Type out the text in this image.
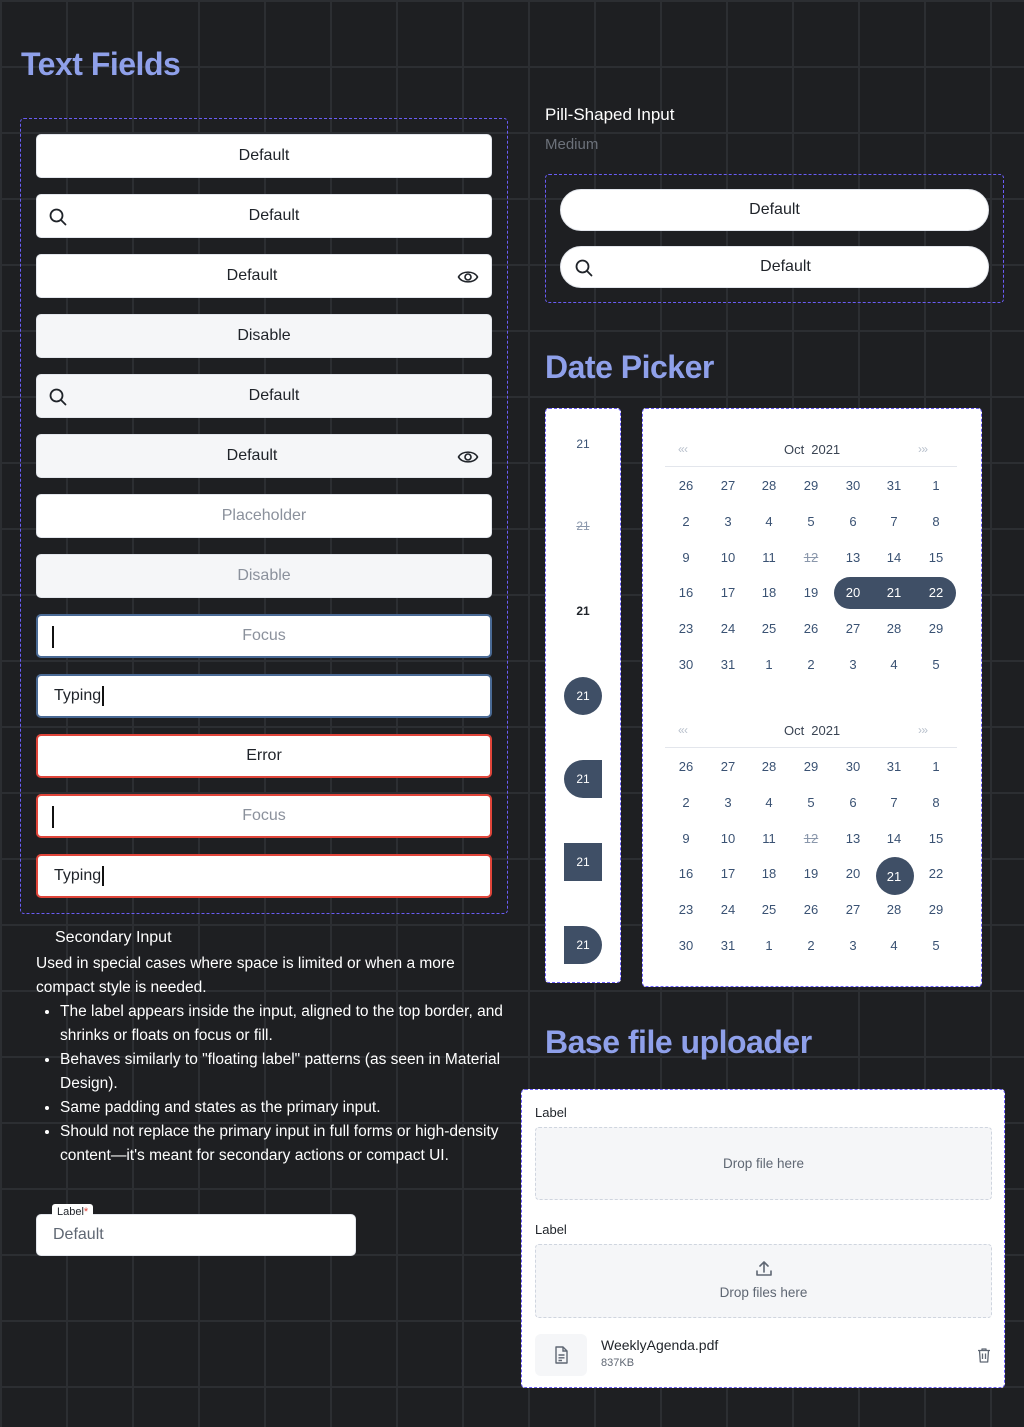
Text Fields
Default
Default
Default
Disable
Default
Default
Placeholder
Disable
Focus
Typing
Error
Focus
Typing
Secondary Input
Used in special cases where space is limited or when a more compact style is needed.
• The label appears inside the input, aligned to the top border, and shrinks or floats on focus or fill.
• Behaves similarly to "floating label" patterns (as seen in Material Design).
• Same padding and states as the primary input.
• Should not replace the primary input in full forms or high-density content—it's meant for secondary actions or compact UI.
Default
Label*
Pill-Shaped Input
Medium
Default
Default
Date Picker
21
21
21
21
21
21
21
« ‹	› »
Oct 2021
26	27	28	29	30	31	1
2	3	4	5	6	7	8
9	10	11	12	13	14	15
16	17	18	19	20	21	22
23	24	25	26	27	28	29
30	31	1	2	3	4	5
« ‹	› »
Oct 2021
26	27	28	29	30	31	1
2	3	4	5	6	7	8
9	10	11	12	13	14	15
16	17	18	19	20	21	22
23	24	25	26	27	28	29
30	31	1	2	3	4	5
Base file uploader
Label
Drop file here
Label
Drop files here
WeeklyAgenda.pdf
837KB
